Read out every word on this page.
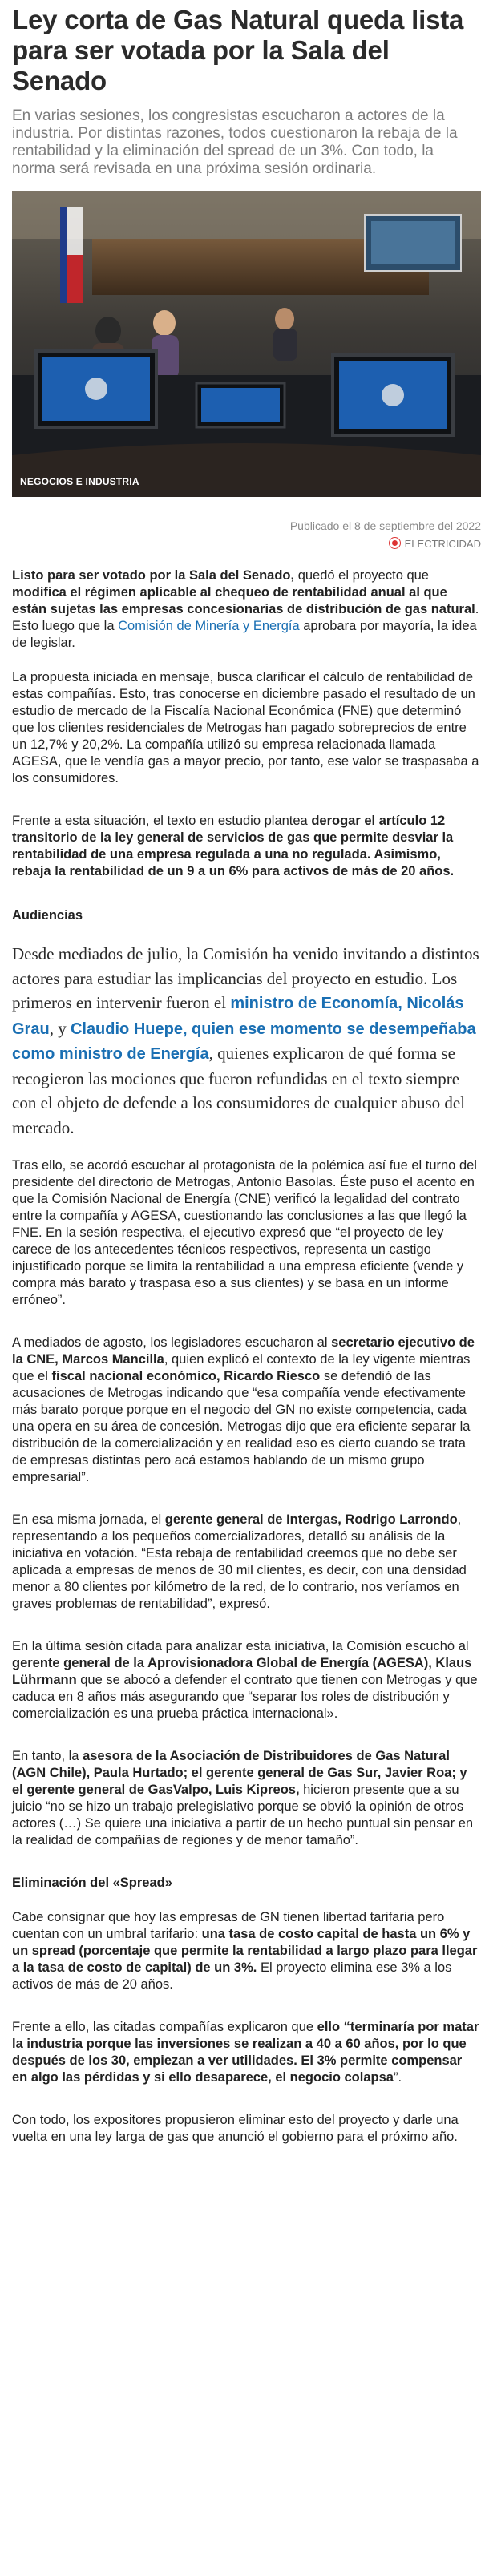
Ley corta de Gas Natural queda lista para ser votada por la Sala del Senado

En varias sesiones, los congresistas escucharon a actores de la industria. Por distintas razones, todos cuestionaron la rebaja de la rentabilidad y la eliminación del spread de un 3%. Con todo, la norma será revisada en una próxima sesión ordinaria.

NEGOCIOS E INDUSTRIA
Publicado el 8 de septiembre del 2022
ELECTRICIDAD

Listo para ser votado por la Sala del Senado, quedó el proyecto que modifica el régimen aplicable al chequeo de rentabilidad anual al que están sujetas las empresas concesionarias de distribución de gas natural. Esto luego que la Comisión de Minería y Energía aprobara por mayoría, la idea de legislar.

La propuesta iniciada en mensaje, busca clarificar el cálculo de rentabilidad de estas compañías. Esto, tras conocerse en diciembre pasado el resultado de un estudio de mercado de la Fiscalía Nacional Económica (FNE) que determinó que los clientes residenciales de Metrogas han pagado sobreprecios de entre un 12,7% y 20,2%. La compañía utilizó su empresa relacionada llamada AGESA, que le vendía gas a mayor precio, por tanto, ese valor se traspasaba a los consumidores.

Frente a esta situación, el texto en estudio plantea derogar el artículo 12 transitorio de la ley general de servicios de gas que permite desviar la rentabilidad de una empresa regulada a una no regulada. Asimismo, rebaja la rentabilidad de un 9 a un 6% para activos de más de 20 años.

Audiencias

Desde mediados de julio, la Comisión ha venido invitando a distintos actores para estudiar las implicancias del proyecto en estudio. Los primeros en intervenir fueron el ministro de Economía, Nicolás Grau, y Claudio Huepe, quien ese momento se desempeñaba como ministro de Energía, quienes explicaron de qué forma se recogieron las mociones que fueron refundidas en el texto siempre con el objeto de defende a los consumidores de cualquier abuso del mercado.

Tras ello, se acordó escuchar al protagonista de la polémica así fue el turno del presidente del directorio de Metrogas, Antonio Basolas. Éste puso el acento en que la Comisión Nacional de Energía (CNE) verificó la legalidad del contrato entre la compañía y AGESA, cuestionando las conclusiones a las que llegó la FNE. En la sesión respectiva, el ejecutivo expresó que “el proyecto de ley carece de los antecedentes técnicos respectivos, representa un castigo injustificado porque se limita la rentabilidad a una empresa eficiente (vende y compra más barato y traspasa eso a sus clientes) y se basa en un informe erróneo”.

A mediados de agosto, los legisladores escucharon al secretario ejecutivo de la CNE, Marcos Mancilla, quien explicó el contexto de la ley vigente mientras que el fiscal nacional económico, Ricardo Riesco se defendió de las acusaciones de Metrogas indicando que “esa compañía vende efectivamente más barato porque porque en el negocio del GN no existe competencia, cada una opera en su área de concesión. Metrogas dijo que era eficiente separar la distribución de la comercialización y en realidad eso es cierto cuando se trata de empresas distintas pero acá estamos hablando de un mismo grupo empresarial”.

En esa misma jornada, el gerente general de Intergas, Rodrigo Larrondo, representando a los pequeños comercializadores, detalló su análisis de la iniciativa en votación. “Esta rebaja de rentabilidad creemos que no debe ser aplicada a empresas de menos de 30 mil clientes, es decir, con una densidad menor a 80 clientes por kilómetro de la red, de lo contrario, nos veríamos en graves problemas de rentabilidad”, expresó.

En la última sesión citada para analizar esta iniciativa, la Comisión escuchó al gerente general de la Aprovisionadora Global de Energía (AGESA), Klaus Lührmann que se abocó a defender el contrato que tienen con Metrogas y que caduca en 8 años más asegurando que “separar los roles de distribución y comercialización es una prueba práctica internacional».

En tanto, la asesora de la Asociación de Distribuidores de Gas Natural (AGN Chile), Paula Hurtado; el gerente general de Gas Sur, Javier Roa; y el gerente general de GasValpo, Luis Kipreos, hicieron presente que a su juicio “no se hizo un trabajo prelegislativo porque se obvió la opinión de otros actores (…) Se quiere una iniciativa a partir de un hecho puntual sin pensar en la realidad de compañías de regiones y de menor tamaño”.

Eliminación del «Spread»

Cabe consignar que hoy las empresas de GN tienen libertad tarifaria pero cuentan con un umbral tarifario: una tasa de costo capital de hasta un 6% y un spread (porcentaje que permite la rentabilidad a largo plazo para llegar a la tasa de costo de capital) de un 3%. El proyecto elimina ese 3% a los activos de más de 20 años.

Frente a ello, las citadas compañías explicaron que ello “terminaría por matar la industria porque las inversiones se realizan a 40 a 60 años, por lo que después de los 30, empiezan a ver utilidades. El 3% permite compensar en algo las pérdidas y si ello desaparece, el negocio colapsa”.

Con todo, los expositores propusieron eliminar esto del proyecto y darle una vuelta en una ley larga de gas que anunció el gobierno para el próximo año.
